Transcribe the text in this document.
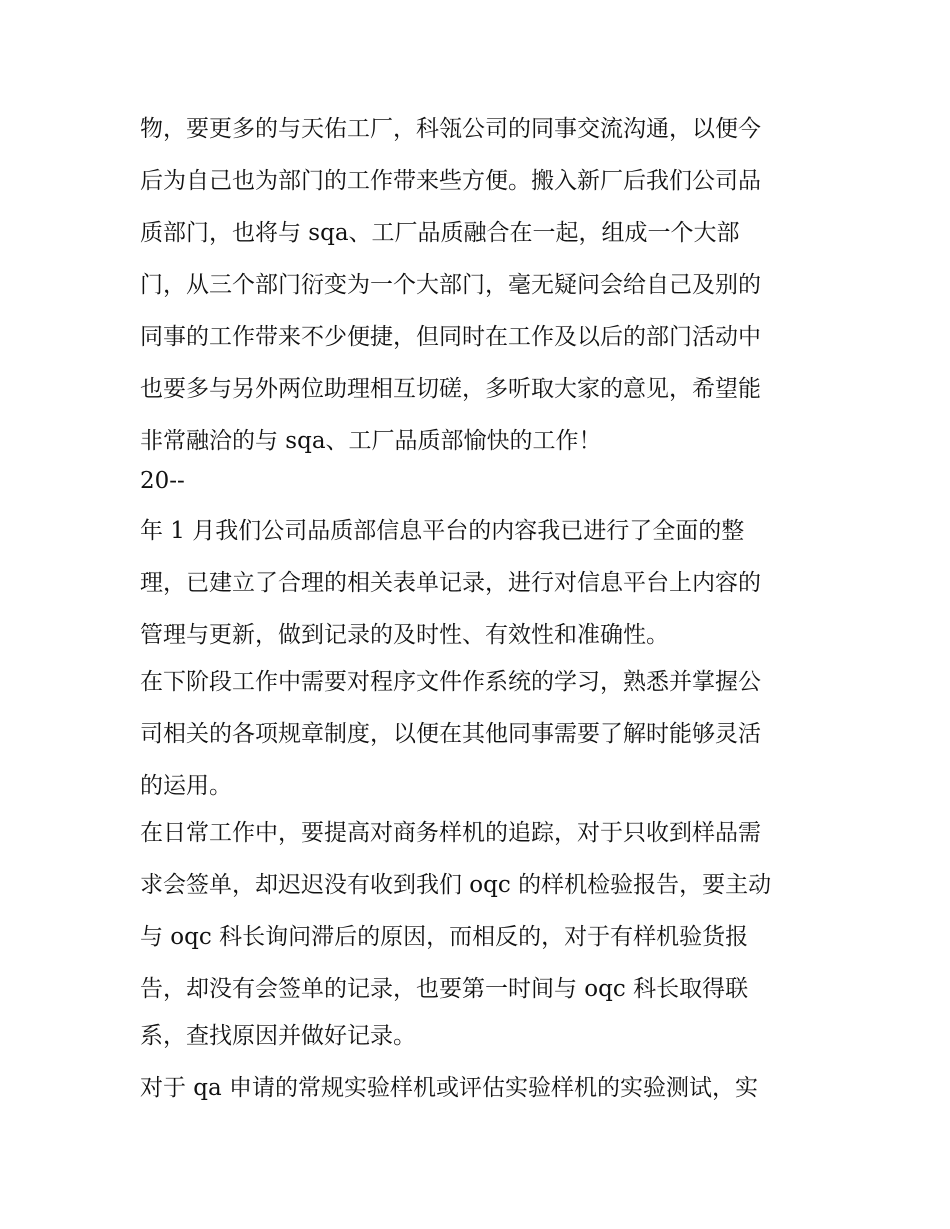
物，要更多的与天佑工厂，科瓴公司的同事交流沟通，以便今
后为自己也为部门的工作带来些方便。搬入新厂后我们公司品
质部门，也将与 sqa、工厂品质融合在一起，组成一个大部
门，从三个部门衍变为一个大部门，毫无疑问会给自己及别的
同事的工作带来不少便捷，但同时在工作及以后的部门活动中
也要多与另外两位助理相互切磋，多听取大家的意见，希望能
非常融洽的与 sqa、工厂品质部愉快的工作！
20--
年 1 月我们公司品质部信息平台的内容我已进行了全面的整
理，已建立了合理的相关表单记录，进行对信息平台上内容的
管理与更新，做到记录的及时性、有效性和准确性。
在下阶段工作中需要对程序文件作系统的学习，熟悉并掌握公
司相关的各项规章制度，以便在其他同事需要了解时能够灵活
的运用。
在日常工作中，要提高对商务样机的追踪，对于只收到样品需
求会签单，却迟迟没有收到我们 oqc 的样机检验报告，要主动
与 oqc 科长询问滞后的原因，而相反的，对于有样机验货报
告，却没有会签单的记录，也要第一时间与 oqc 科长取得联
系，查找原因并做好记录。
对于 qa 申请的常规实验样机或评估实验样机的实验测试，实
